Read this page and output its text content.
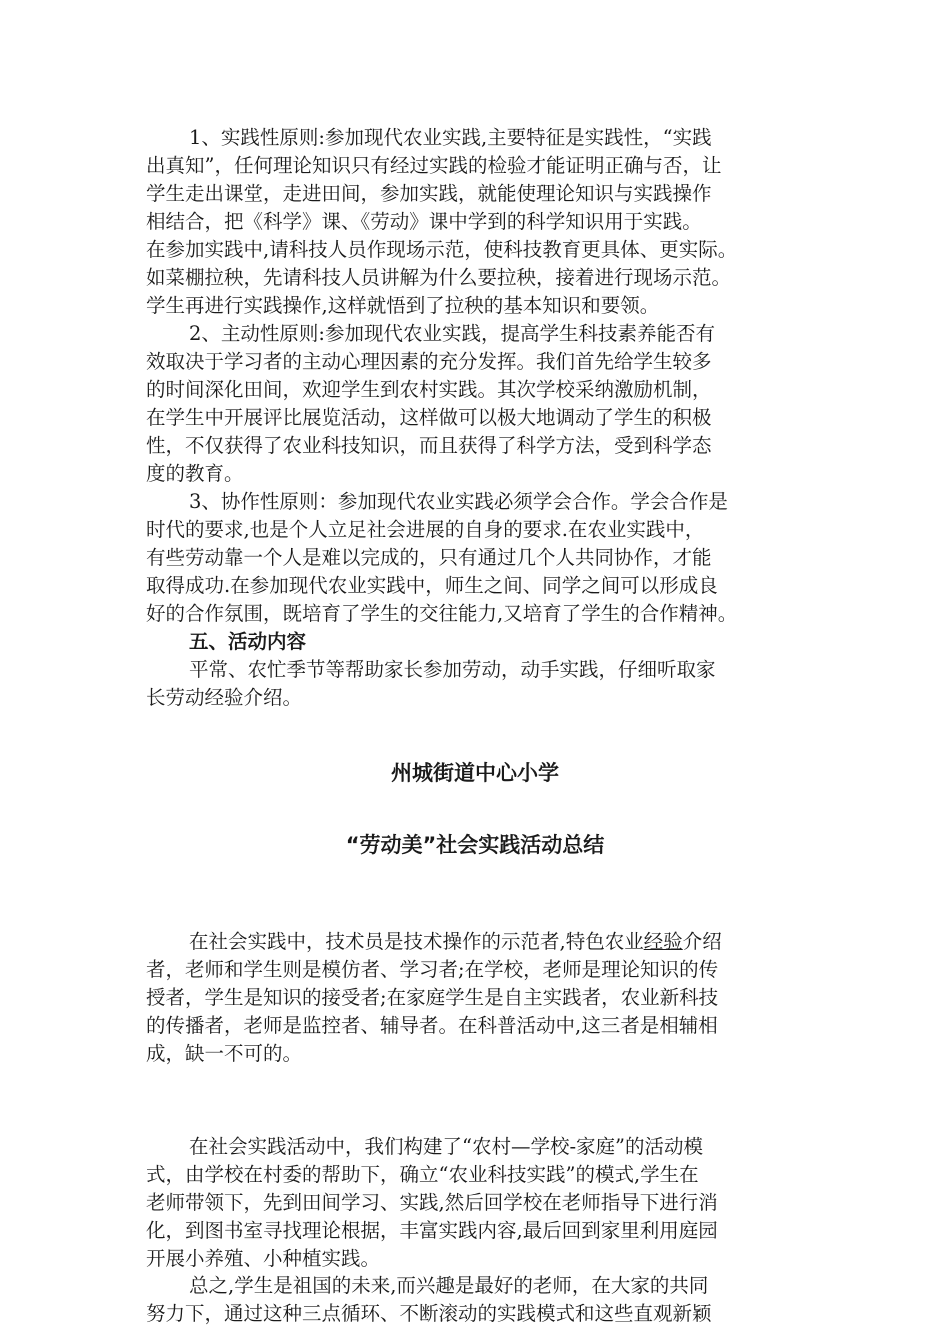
1、实践性原则:参加现代农业实践,主要特征是实践性，“实践
出真知”，任何理论知识只有经过实践的检验才能证明正确与否，让
学生走出课堂，走进田间，参加实践，就能使理论知识与实践操作
相结合，把《科学》课、《劳动》课中学到的科学知识用于实践。
在参加实践中,请科技人员作现场示范，使科技教育更具体、更实际。
如菜棚拉秧，先请科技人员讲解为什么要拉秧，接着进行现场示范。
学生再进行实践操作,这样就悟到了拉秧的基本知识和要领。
2、主动性原则:参加现代农业实践，提高学生科技素养能否有
效取决于学习者的主动心理因素的充分发挥。我们首先给学生较多
的时间深化田间，欢迎学生到农村实践。其次学校采纳激励机制，
在学生中开展评比展览活动，这样做可以极大地调动了学生的积极
性，不仅获得了农业科技知识，而且获得了科学方法，受到科学态
度的教育。
3、协作性原则：参加现代农业实践必须学会合作。学会合作是
时代的要求,也是个人立足社会进展的自身的要求.在农业实践中，
有些劳动靠一个人是难以完成的，只有通过几个人共同协作，才能
取得成功.在参加现代农业实践中，师生之间、同学之间可以形成良
好的合作氛围，既培育了学生的交往能力,又培育了学生的合作精神。
五、活动内容
平常、农忙季节等帮助家长参加劳动，动手实践，仔细听取家
长劳动经验介绍。
州城街道中心小学
“劳动美”社会实践活动总结
在社会实践中，技术员是技术操作的示范者,特色农业经验介绍
者，老师和学生则是模仿者、学习者;在学校，老师是理论知识的传
授者，学生是知识的接受者;在家庭学生是自主实践者，农业新科技
的传播者，老师是监控者、辅导者。在科普活动中,这三者是相辅相
成，缺一不可的。
在社会实践活动中，我们构建了“农村—学校-家庭”的活动模
式，由学校在村委的帮助下，确立“农业科技实践”的模式,学生在
老师带领下，先到田间学习、实践,然后回学校在老师指导下进行消
化，到图书室寻找理论根据，丰富实践内容,最后回到家里利用庭园
开展小养殖、小种植实践。
总之,学生是祖国的未来,而兴趣是最好的老师，在大家的共同
努力下，通过这种三点循环、不断滚动的实践模式和这些直观新颖
